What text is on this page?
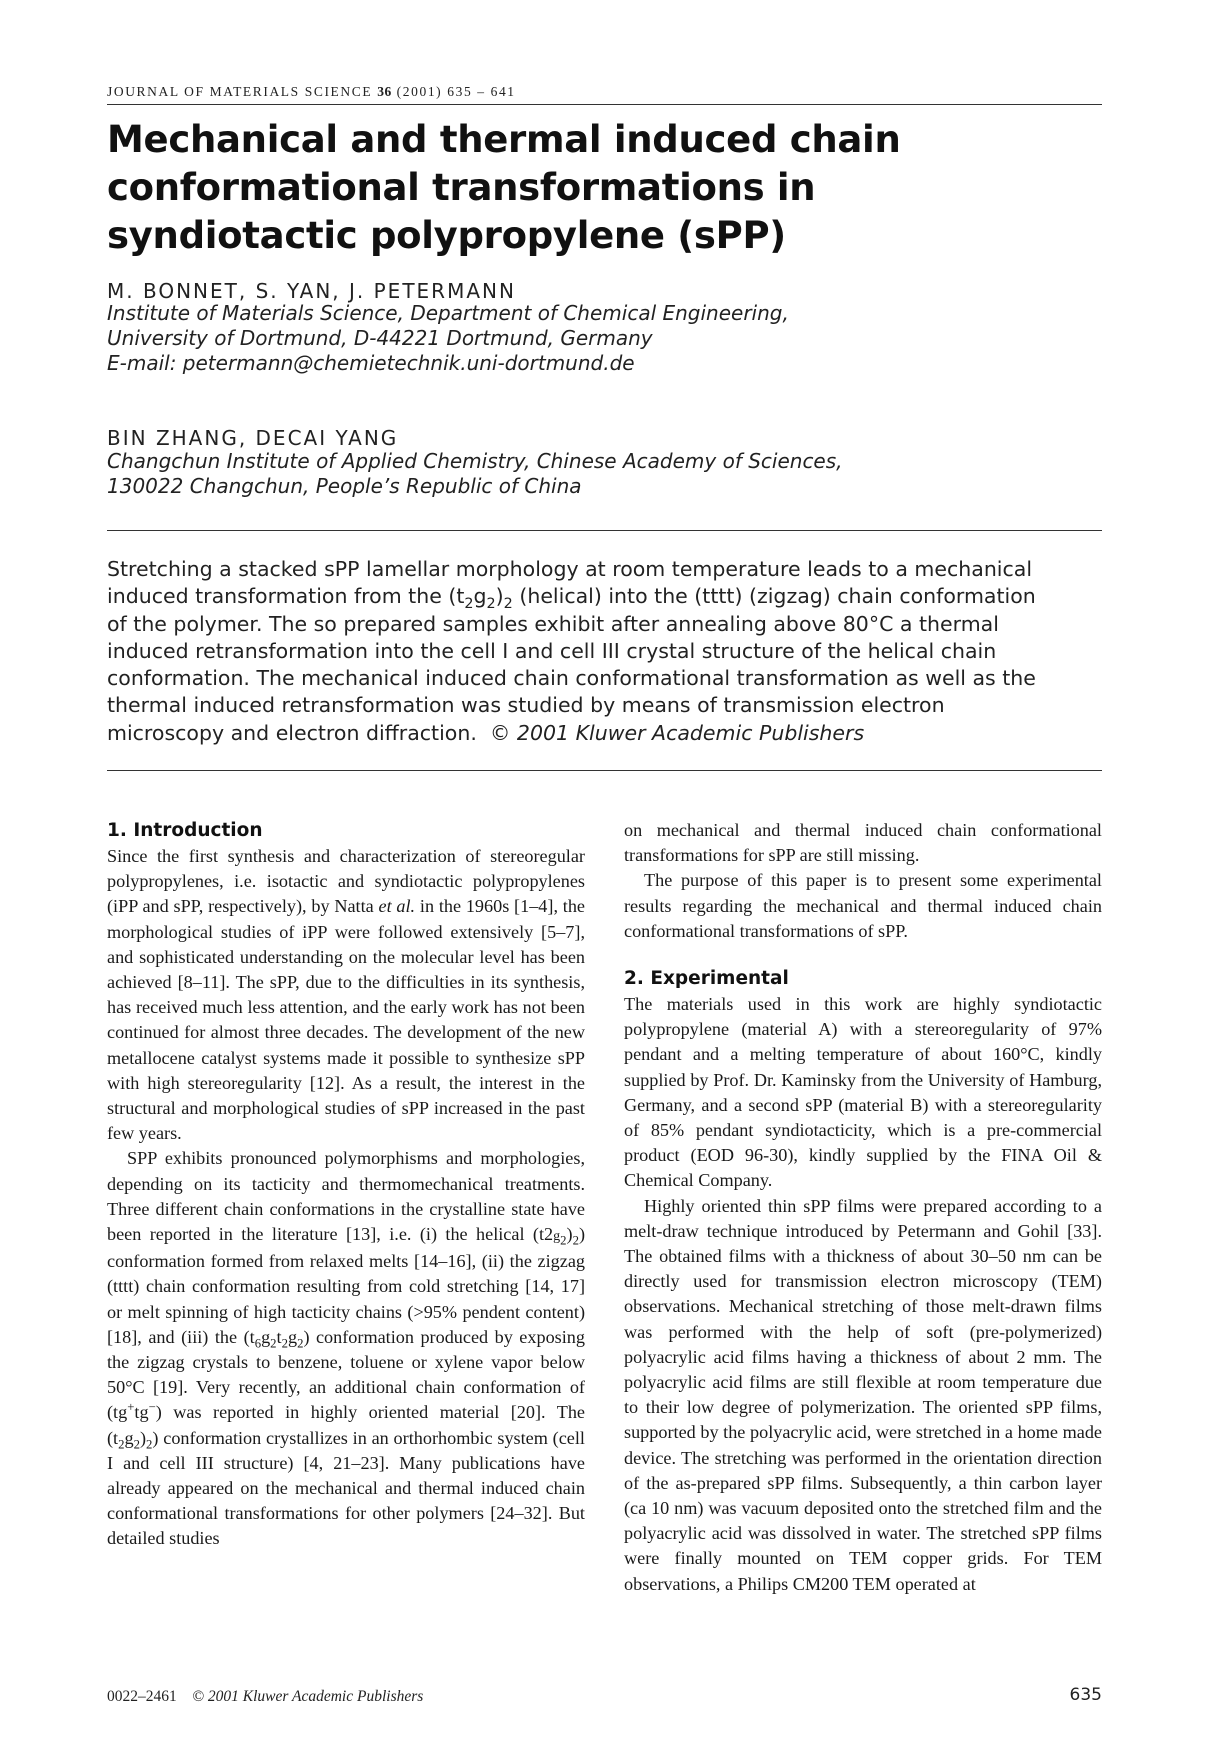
JOURNAL OF MATERIALS SCIENCE 36 (2001) 635 – 641
Mechanical and thermal induced chain
conformational transformations in
syndiotactic polypropylene (sPP)

M. BONNET, S. YAN, J. PETERMANN

Institute of Materials Science, Department of Chemical Engineering,
University of Dortmund, D-44221 Dortmund, Germany
E-mail: petermann@chemietechnik.uni-dortmund.de

BIN ZHANG, DECAI YANG

Changchun Institute of Applied Chemistry, Chinese Academy of Sciences,
130022 Changchun, People’s Republic of China

Stretching a stacked sPP lamellar morphology at room temperature leads to a mechanical
induced transformation from the $(t_2g_2)_2$ (helical) into the (tttt) (zigzag) chain conformation
of the polymer. The so prepared samples exhibit after annealing above 80°C a thermal
induced retransformation into the cell I and cell III crystal structure of the helical chain
conformation. The mechanical induced chain conformational transformation as well as the
thermal induced retransformation was studied by means of transmission electron
microscopy and electron diffraction. © 2001 Kluwer Academic Publishers
1. Introduction

Since the first synthesis and characterization of stereoregular polypropylenes, i.e. isotactic and syndiotactic polypropylenes (iPP and sPP, respectively), by Natta et al. in the 1960s [1–4], the morphological studies of iPP were followed extensively [5–7], and sophisticated understanding on the molecular level has been achieved [8–11]. The sPP, due to the difficulties in its synthesis, has received much less attention, and the early work has not been continued for almost three decades. The development of the new metallocene catalyst systems made it possible to synthesize sPP with high stereoregularity [12]. As a result, the interest in the structural and morphological studies of sPP increased in the past few years.

SPP exhibits pronounced polymorphisms and morphologies, depending on its tacticity and thermomechanical treatments. Three different chain conformations in the crystalline state have been reported in the literature [13], i.e. (i) the helical $(t2g_2)_2$) conformation formed from relaxed melts [14–16], (ii) the zigzag (tttt) chain conformation resulting from cold stretching [14, 17] or melt spinning of high tacticity chains (>95% pendent content) [18], and (iii) the $(t_6g_2t_2g_2)$ conformation produced by exposing the zigzag crystals to benzene, toluene or xylene vapor below 50°C [19]. Very recently, an additional chain conformation of (tg+tg−) was reported in highly oriented material [20]. The $(t_2g_2)_2$) conformation crystallizes in an orthorhombic system (cell I and cell III structure) [4, 21–23]. Many publications have already appeared on the mechanical and thermal induced chain conformational transformations for other polymers [24–32]. But detailed studies

on mechanical and thermal induced chain conformational transformations for sPP are still missing.

The purpose of this paper is to present some experimental results regarding the mechanical and thermal induced chain conformational transformations of sPP.

2. Experimental

The materials used in this work are highly syndiotactic polypropylene (material A) with a stereoregularity of 97% pendant and a melting temperature of about 160°C, kindly supplied by Prof. Dr. Kaminsky from the University of Hamburg, Germany, and a second sPP (material B) with a stereoregularity of 85% pendant syndiotacticity, which is a pre-commercial product (EOD 96-30), kindly supplied by the FINA Oil & Chemical Company.

Highly oriented thin sPP films were prepared according to a melt-draw technique introduced by Petermann and Gohil [33]. The obtained films with a thickness of about 30–50 nm can be directly used for transmission electron microscopy (TEM) observations. Mechanical stretching of those melt-drawn films was performed with the help of soft (pre-polymerized) polyacrylic acid films having a thickness of about 2 mm. The polyacrylic acid films are still flexible at room temperature due to their low degree of polymerization. The oriented sPP films, supported by the polyacrylic acid, were stretched in a home made device. The stretching was performed in the orientation direction of the as-prepared sPP films. Subsequently, a thin carbon layer (ca 10 nm) was vacuum deposited onto the stretched film and the polyacrylic acid was dissolved in water. The stretched sPP films were finally mounted on TEM copper grids. For TEM observations, a Philips CM200 TEM operated at

0022–2461 © 2001 Kluwer Academic Publishers	635
